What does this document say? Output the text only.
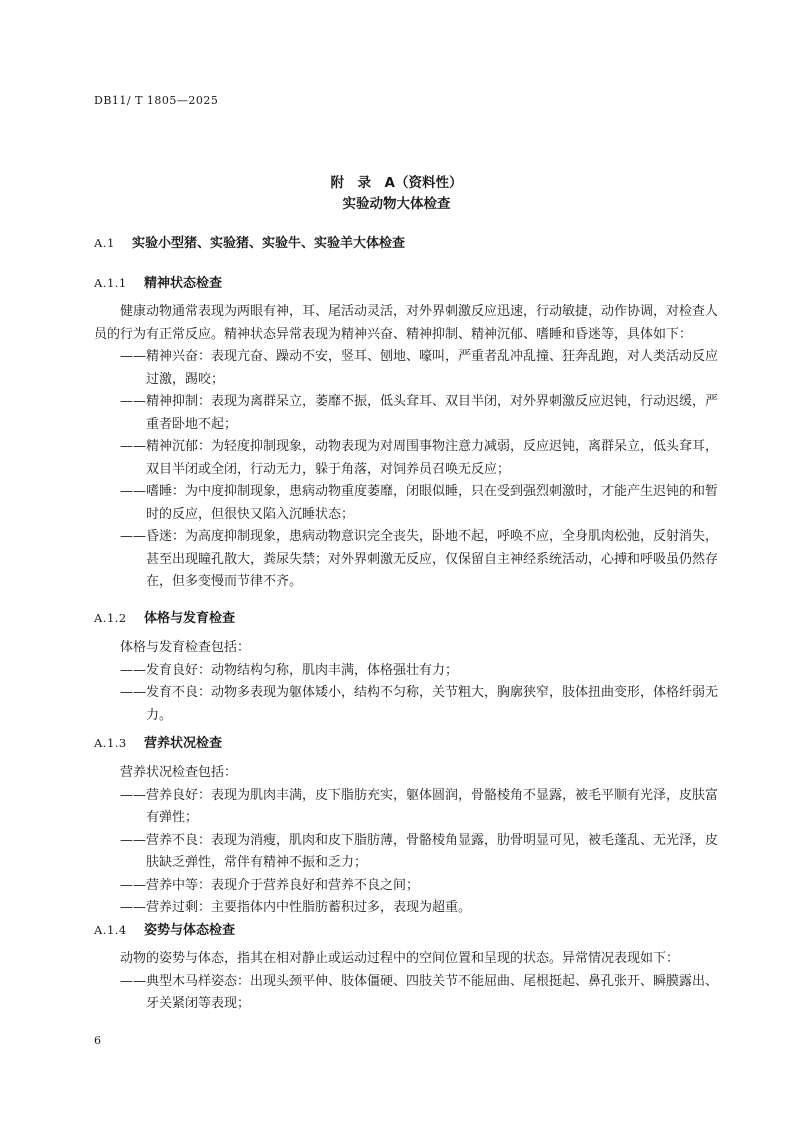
DB11/ T 1805—2025
附　录　A（资料性）
实验动物大体检查
A.1 实验小型猪、实验猪、实验牛、实验羊大体检查
A.1.1 精神状态检查

健康动物通常表现为两眼有神，耳、尾活动灵活，对外界刺激反应迅速，行动敏捷，动作协调，对检查人员的行为有正常反应。精神状态异常表现为精神兴奋、精神抑制、精神沉郁、嗜睡和昏迷等，具体如下：

——精神兴奋：表现亢奋、躁动不安，竖耳、刨地、嚎叫，严重者乱冲乱撞、狂奔乱跑，对人类活动反应过激，踢咬；

——精神抑制：表现为离群呆立，萎靡不振，低头耷耳、双目半闭，对外界刺激反应迟钝，行动迟缓，严重者卧地不起；

——精神沉郁：为轻度抑制现象，动物表现为对周围事物注意力减弱，反应迟钝，离群呆立，低头耷耳，双目半闭或全闭，行动无力，躲于角落，对饲养员召唤无反应；

——嗜睡：为中度抑制现象，患病动物重度萎靡，闭眼似睡，只在受到强烈刺激时，才能产生迟钝的和暂时的反应，但很快又陷入沉睡状态；

——昏迷：为高度抑制现象，患病动物意识完全丧失，卧地不起，呼唤不应，全身肌肉松弛，反射消失，甚至出现瞳孔散大，粪尿失禁；对外界刺激无反应，仅保留自主神经系统活动，心搏和呼吸虽仍然存在，但多变慢而节律不齐。

A.1.2 体格与发育检查

体格与发育检查包括：

——发育良好：动物结构匀称，肌肉丰满，体格强壮有力；

——发育不良：动物多表现为躯体矮小，结构不匀称，关节粗大，胸廓狭窄，肢体扭曲变形，体格纤弱无力。

A.1.3 营养状况检查

营养状况检查包括：

——营养良好：表现为肌肉丰满，皮下脂肪充实，躯体圆润，骨骼棱角不显露，被毛平顺有光泽，皮肤富有弹性；

——营养不良：表现为消瘦，肌肉和皮下脂肪薄，骨骼棱角显露，肋骨明显可见，被毛蓬乱、无光泽，皮肤缺乏弹性，常伴有精神不振和乏力；

——营养中等：表现介于营养良好和营养不良之间；

——营养过剩：主要指体内中性脂肪蓄积过多，表现为超重。

A.1.4 姿势与体态检查

动物的姿势与体态，指其在相对静止或运动过程中的空间位置和呈现的状态。异常情况表现如下：

——典型木马样姿态：出现头颈平伸、肢体僵硬、四肢关节不能屈曲、尾根挺起、鼻孔张开、瞬膜露出、牙关紧闭等表现；

6
